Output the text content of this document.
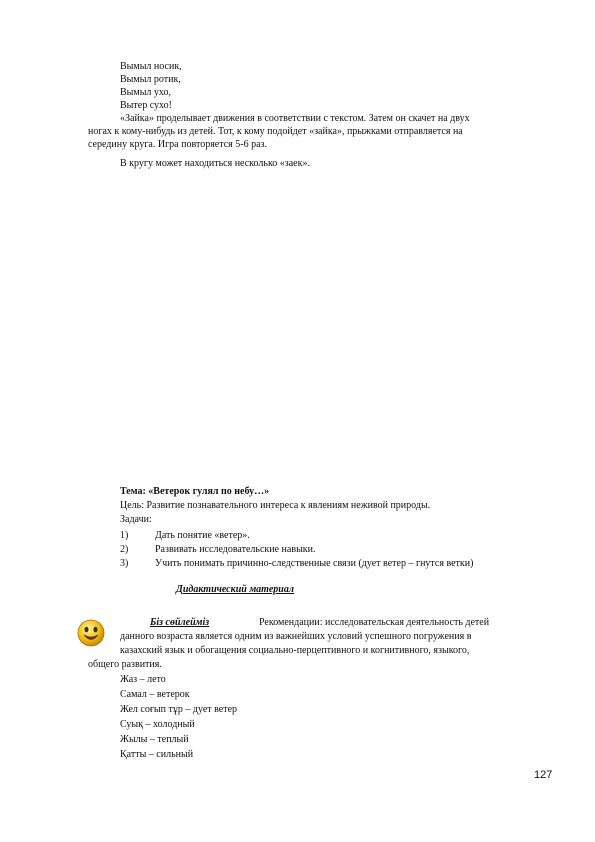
Вымыл носик,
Вымыл ротик,
Вымыл ухо,
Вытер сухо!
«Зайка» проделывает движения в соответствии с текстом. Затем он скачет на двух
ногах к кому-нибудь из детей. Тот, к кому подойдет «зайка», прыжками отправляется на
середину круга. Игра повторяется 5-6 раз.
В кругу может находиться несколько «заек».
Тема: «Ветерок гулял по небу…»
Цель: Развитие познавательного интереса к явлениям неживой природы.
Задачи:
1)	Дать понятие «ветер».
2)	Развивать исследовательские навыки.
3)	Учить понимать причинно-следственные связи (дует ветер – гнутся ветки)
Дидактический материал
Біз сөйлейміз	Рекомендации: исследовательская деятельность детей
данного возраста является одним из важнейших условий успешного погружения в
казахский язык и обогащения социально-перцептивного и когнитивного, языкого,
общего развития.
Жаз – лето
Самал – ветерок
Жел соғып тұр – дует ветер
Суық – холодный
Жылы – теплый
Қатты – сильный
127
